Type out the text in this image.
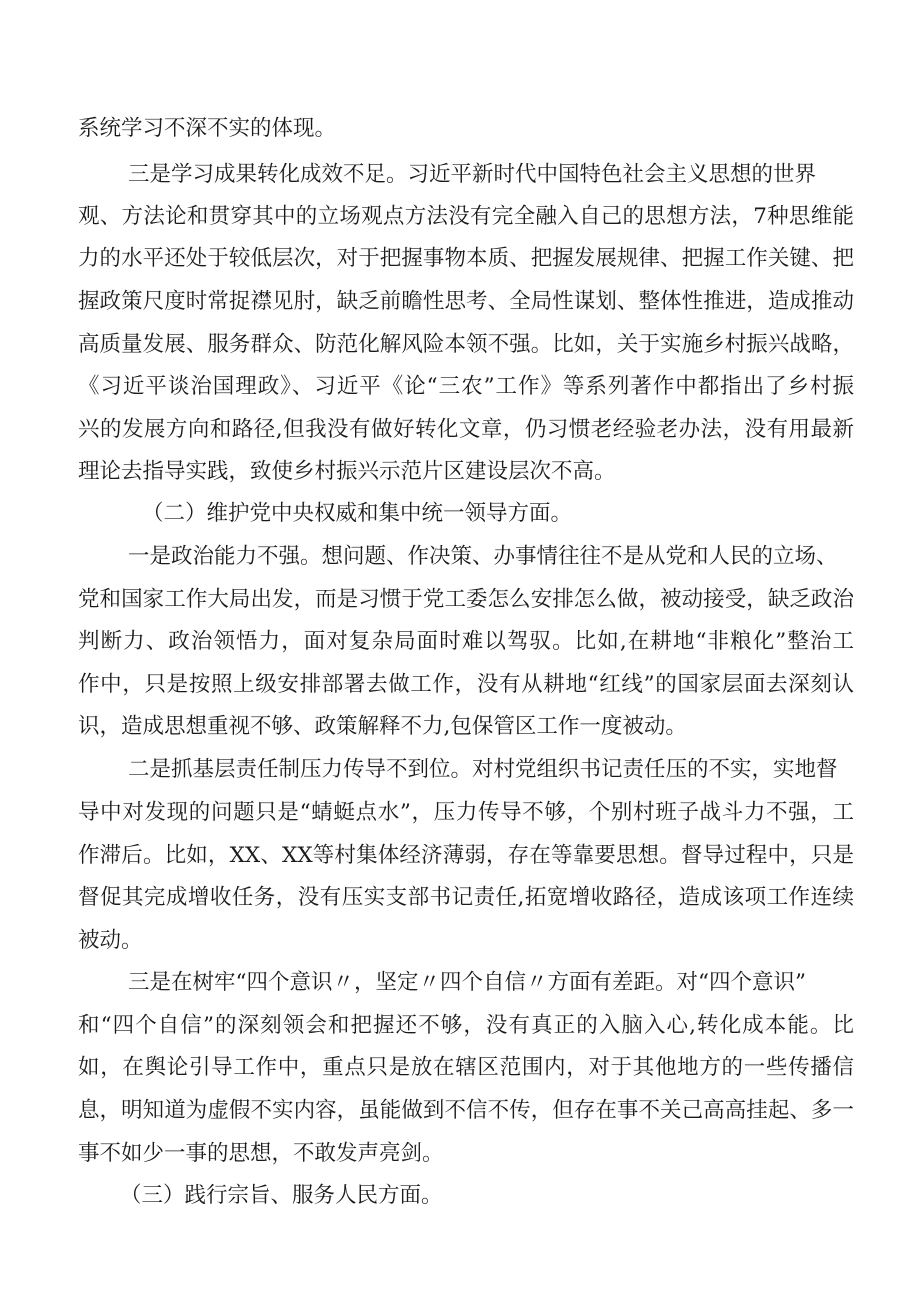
系统学习不深不实的体现。
三是学习成果转化成效不足。习近平新时代中国特色社会主义思想的世界
观、方法论和贯穿其中的立场观点方法没有完全融入自己的思想方法，7种思维能
力的水平还处于较低层次，对于把握事物本质、把握发展规律、把握工作关键、把
握政策尺度时常捉襟见肘，缺乏前瞻性思考、全局性谋划、整体性推进，造成推动
高质量发展、服务群众、防范化解风险本领不强。比如，关于实施乡村振兴战略，
《习近平谈治国理政》、习近平《论“三农”工作》等系列著作中都指出了乡村振
兴的发展方向和路径,但我没有做好转化文章，仍习惯老经验老办法，没有用最新
理论去指导实践，致使乡村振兴示范片区建设层次不高。
（二）维护党中央权威和集中统一领导方面。
一是政治能力不强。想问题、作决策、办事情往往不是从党和人民的立场、
党和国家工作大局出发，而是习惯于党工委怎么安排怎么做，被动接受，缺乏政治
判断力、政治领悟力，面对复杂局面时难以驾驭。比如,在耕地“非粮化”整治工
作中，只是按照上级安排部署去做工作，没有从耕地“红线”的国家层面去深刻认
识，造成思想重视不够、政策解释不力,包保管区工作一度被动。
二是抓基层责任制压力传导不到位。对村党组织书记责任压的不实，实地督
导中对发现的问题只是“蜻蜓点水”，压力传导不够，个别村班子战斗力不强，工
作滞后。比如，XX、XX等村集体经济薄弱，存在等靠要思想。督导过程中，只是
督促其完成增收任务，没有压实支部书记责任,拓宽增收路径，造成该项工作连续
被动。
三是在树牢“四个意识〃，坚定〃四个自信〃方面有差距。对“四个意识”
和“四个自信”的深刻领会和把握还不够，没有真正的入脑入心,转化成本能。比
如，在舆论引导工作中，重点只是放在辖区范围内，对于其他地方的一些传播信
息，明知道为虚假不实内容，虽能做到不信不传，但存在事不关己高高挂起、多一
事不如少一事的思想，不敢发声亮剑。
（三）践行宗旨、服务人民方面。
